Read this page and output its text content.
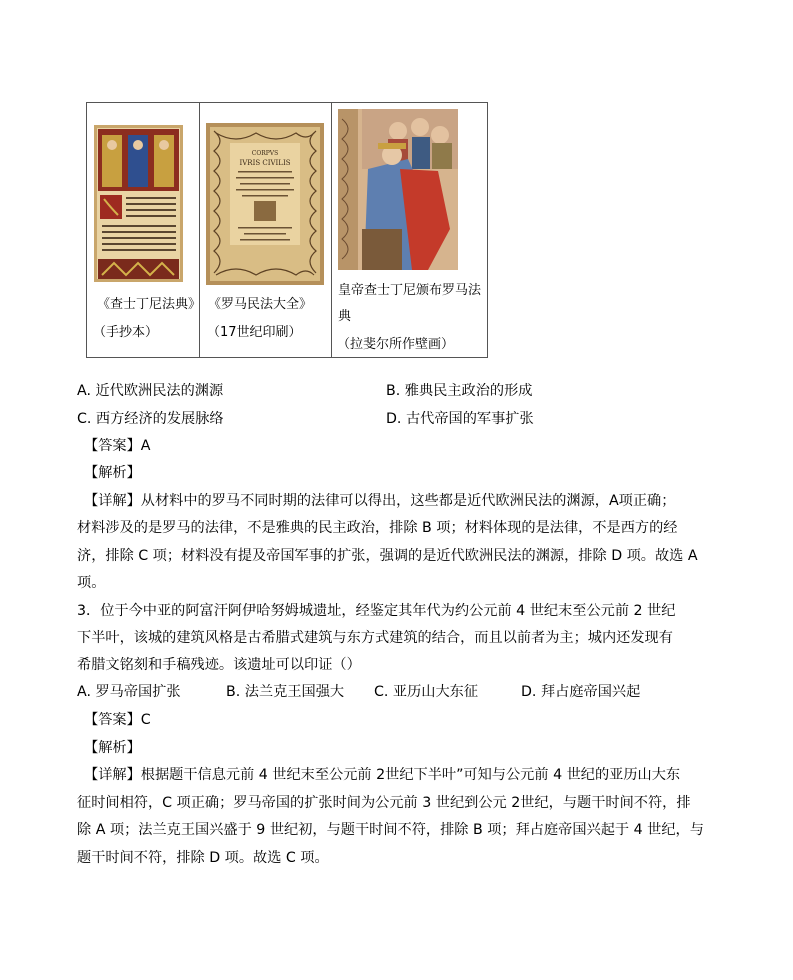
《查士丁尼法典》
（手抄本）

CORPVS
IVRIS CIVILIS
《罗马民法大全》
（17世纪印刷）

皇帝查士丁尼颁布罗马法
典
（拉斐尔所作壁画）
A. 近代欧洲民法的渊源	B. 雅典民主政治的形成
C. 西方经济的发展脉络	D. 古代帝国的军事扩张
【答案】A
【解析】
【详解】从材料中的罗马不同时期的法律可以得出，这些都是近代欧洲民法的渊源，A项正确；
材料涉及的是罗马的法律，不是雅典的民主政治，排除 B 项；材料体现的是法律，不是西方的经
济，排除 C 项；材料没有提及帝国军事的扩张，强调的是近代欧洲民法的渊源，排除 D 项。故选 A
项。
3．位于今中亚的阿富汗阿伊哈努姆城遗址，经鉴定其年代为约公元前 4 世纪末至公元前 2 世纪
下半叶，该城的建筑风格是古希腊式建筑与东方式建筑的结合，而且以前者为主；城内还发现有
希腊文铭刻和手稿残迹。该遗址可以印证（）
A. 罗马帝国扩张	B. 法兰克王国强大 C. 亚历山大东征	D. 拜占庭帝国兴起
【答案】C
【解析】
【详解】根据题干信息元前 4 世纪末至公元前 2世纪下半叶”可知与公元前 4 世纪的亚历山大东
征时间相符，C 项正确；罗马帝国的扩张时间为公元前 3 世纪到公元 2世纪，与题干时间不符，排
除 A 项；法兰克王国兴盛于 9 世纪初，与题干时间不符，排除 B 项；拜占庭帝国兴起于 4 世纪，与
题干时间不符，排除 D 项。故选 C 项。
